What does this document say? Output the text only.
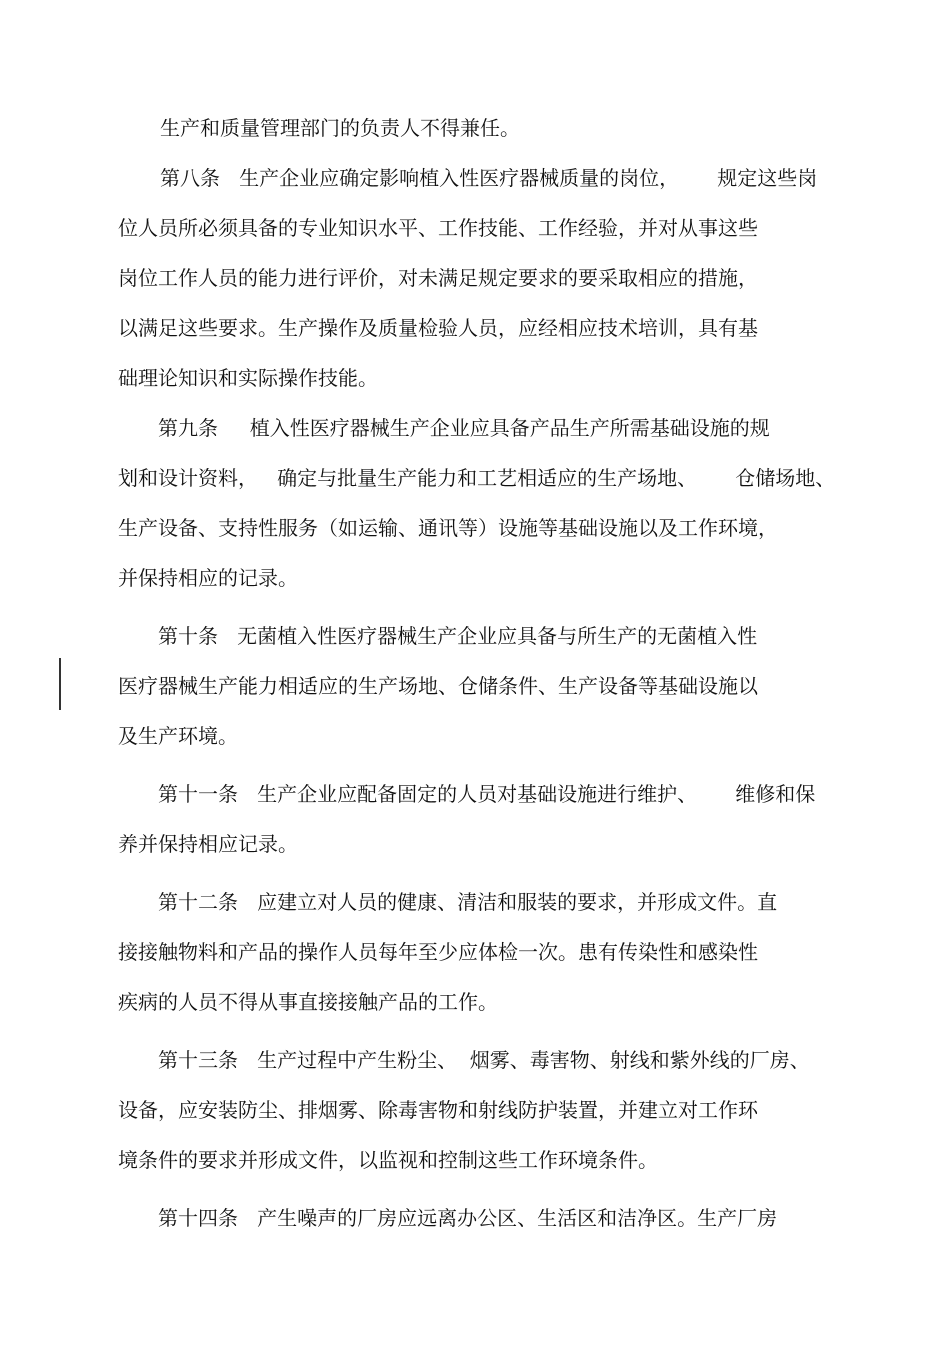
生产和质量管理部门的负责人不得兼任。

第八条   生产企业应确定影响植入性医疗器械质量的岗位，      规定这些岗

位人员所必须具备的专业知识水平、工作技能、工作经验，并对从事这些

岗位工作人员的能力进行评价，对未满足规定要求的要采取相应的措施，

以满足这些要求。生产操作及质量检验人员，应经相应技术培训，具有基

础理论知识和实际操作技能。

第九条     植入性医疗器械生产企业应具备产品生产所需基础设施的规

划和设计资料，   确定与批量生产能力和工艺相适应的生产场地、      仓储场地、

生产设备、支持性服务（如运输、通讯等）设施等基础设施以及工作环境，

并保持相应的记录。

第十条   无菌植入性医疗器械生产企业应具备与所生产的无菌植入性

医疗器械生产能力相适应的生产场地、仓储条件、生产设备等基础设施以

及生产环境。

第十一条   生产企业应配备固定的人员对基础设施进行维护、      维修和保

养并保持相应记录。

第十二条   应建立对人员的健康、清洁和服装的要求，并形成文件。直

接接触物料和产品的操作人员每年至少应体检一次。患有传染性和感染性

疾病的人员不得从事直接接触产品的工作。

第十三条   生产过程中产生粉尘、  烟雾、毒害物、射线和紫外线的厂房、

设备，应安装防尘、排烟雾、除毒害物和射线防护装置，并建立对工作环

境条件的要求并形成文件，以监视和控制这些工作环境条件。

第十四条   产生噪声的厂房应远离办公区、生活区和洁净区。生产厂房
